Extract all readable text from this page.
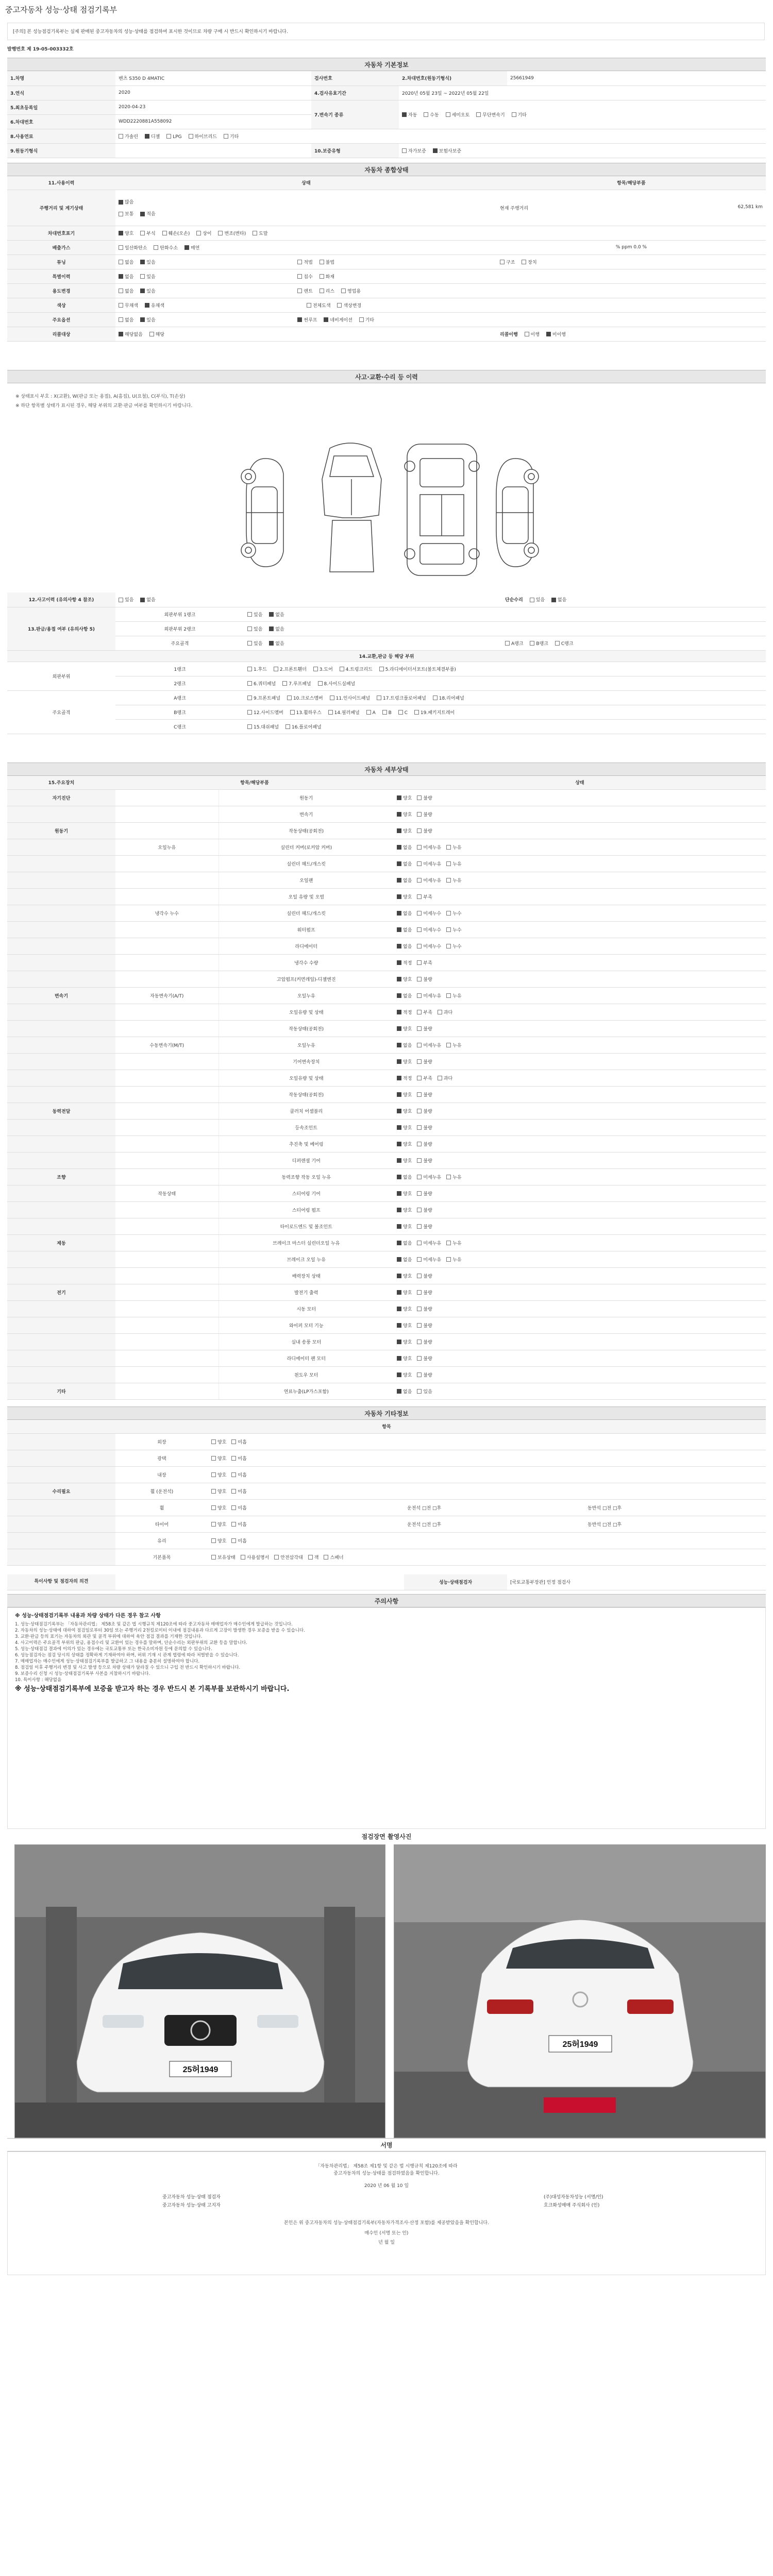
중고자동차 성능·상태 점검기록부
[주의] 본 성능점검기록부는 실제 판매된 중고자동차의 성능·상태를 점검하여 표시한 것이므로 차량 구매 시 반드시 확인하시기 바랍니다.
발행번호 제 19-05-003332호
자동차 기본정보
1.차명	벤츠 S350 D 4MATIC	검사번호	2.차대번호(원동기형식)	25661949
3.연식	2020	4.검사유효기간	2020년 05월 23일 ~ 2022년 05월 22일	
5.최초등록일	2020-04-23	7.변속기 종류	자동 수동 세미오토 무단변속기 기타	
6.차대번호	WDD2220881A558092			
8.사용연료	가솔린 디젤 LPG 하이브리드 기타			
9.원동기형식		10.보증유형	자가보증 보험사보증	
자동차 종합상태
11.사용이력	상태	항목/해당부품
주행거리 및 계기상태	많음

보통 적음	현재 주행거리 62,581 km

차대번호표기	양호 부식 훼손(오손) 상이 변조(변타) 도말	
배출가스	일산화탄소 탄화수소 매연	% ppm 0.0 %
튜닝	없음 있음 적법 불법	구조 장치
특별이력	없음 있음 침수 화재	
용도변경	없음 있음 렌트 리스 영업용	
색상	무채색 유채색 전체도색 색상변경	
주요옵션	없음 있음 썬루프 네비게이션 기타	
리콜대상	해당없음 해당	리콜이행 이행 미이행
사고·교환·수리 등 이력
※ 상태표시 부호 : X(교환), W(판금 또는 용접), A(흠집), U(요철), C(부식), T(손상)
※ 하단 항목별 상태가 표시된 경우, 해당 부위의 교환·판금 여부를 확인하시기 바랍니다.
12.사고이력 (유의사항 4 참조)	있음 없음		단순수리 있음 없음
13.판금/용접 여부 (유의사항 5)	외판부위 1랭크	있음 없음	
	외판부위 2랭크	있음 없음	
	주요골격	있음 없음	A랭크 B랭크 C랭크
14.교환,판금 등 해당 부위			
외판부위	1랭크	1.후드 2.프론트휀더 3.도어 4.트렁크리드 5.라디에이터서포트(볼트체결부품)	
	2랭크	6.쿼터패널 7.루프패널 8.사이드실패널	
주요골격	A랭크	9.프론트패널 10.크로스멤버 11.인사이드패널 17.트렁크플로어패널 18.리어패널	
	B랭크	12.사이드멤버 13.휠하우스 14.필러패널 A B C 19.패키지트레이	
	C랭크	15.대쉬패널 16.플로어패널	
자동차 세부상태
15.주요장치	항목/해당부품		상태
자기진단		원동기	양호 불량
		변속기	양호 불량
원동기		작동상태(공회전)	양호 불량
	오일누유	실린더 커버(로커암 커버)	없음 미세누유 누유
		실린더 헤드/개스킷	없음 미세누유 누유
		오일팬	없음 미세누유 누유
		오일 유량 및 오염	양호 부족
	냉각수 누수	실린더 헤드/개스킷	없음 미세누수 누수
		워터펌프	없음 미세누수 누수
		라디에이터	없음 미세누수 누수
		냉각수 수량	적정 부족
		고압펌프(커먼레일)-디젤엔진	양호 불량
변속기	자동변속기(A/T)	오일누유	없음 미세누유 누유
		오일유량 및 상태	적정 부족 과다
		작동상태(공회전)	양호 불량
	수동변속기(M/T)	오일누유	없음 미세누유 누유
		기어변속장치	양호 불량
		오일유량 및 상태	적정 부족 과다
		작동상태(공회전)	양호 불량
동력전달		클러치 어셈블리	양호 불량
		등속조인트	양호 불량
		추진축 및 베어링	양호 불량
		디퍼렌셜 기어	양호 불량
조향		동력조향 작동 오일 누유	없음 미세누유 누유
	작동상태	스티어링 기어	양호 불량
		스티어링 펌프	양호 불량
		타이로드엔드 및 볼조인트	양호 불량
제동		브레이크 마스터 실린더오일 누유	없음 미세누유 누유
		브레이크 오일 누유	없음 미세누유 누유
		배력장치 상태	양호 불량
전기		발전기 출력	양호 불량
		시동 모터	양호 불량
		와이퍼 모터 기능	양호 불량
		실내 송풍 모터	양호 불량
		라디에이터 팬 모터	양호 불량
		윈도우 모터	양호 불량
기타		연료누출(LP가스포함)	없음 있음
자동차 기타정보
항목				
	외장	양호 미흡		
	광택	양호 미흡		
	내장	양호 미흡		
수리필요	휠 (운전석)	양호 미흡		
	휠	양호 미흡	운전석 □전 □후	동반석 □전 □후
	타이어	양호 미흡	운전석 □전 □후	동반석 □전 □후
	유리	양호 미흡		
	기본품목	보유상태 사용설명서 안전삼각대 잭 스패너		
특이사항 및 점검자의 의견		성능·상태점검자	[국토교통부장관] 인정 점검사
주의사항

※ 성능·상태점검기록부 내용과 차량 상태가 다른 경우 참고 사항

1. 성능·상태점검기록부는 「자동차관리법」 제58조 및 같은 법 시행규칙 제120조에 따라 중고자동차 매매업자가 매수인에게 발급하는 것입니다.

2. 자동차의 성능·상태에 대하여 점검일로부터 30일 또는 주행거리 2천킬로미터 이내에 점검내용과 다르게 고장이 발생한 경우 보증을 받을 수 있습니다.

3. 교환·판금 등의 표기는 자동차의 외관 및 골격 부위에 대하여 육안 점검 결과를 기재한 것입니다.

4. 사고이력은 주요골격 부위의 판금, 용접수리 및 교환이 있는 경우를 말하며, 단순수리는 외판부위의 교환 등을 말합니다.

5. 성능·상태점검 결과에 이의가 있는 경우에는 국토교통부 또는 한국소비자원 등에 문의할 수 있습니다.

6. 성능점검자는 점검 당시의 상태를 정확하게 기재하여야 하며, 허위 기재 시 관계 법령에 따라 처벌받을 수 있습니다.

7. 매매업자는 매수인에게 성능·상태점검기록부를 발급하고 그 내용을 충분히 설명하여야 합니다.

8. 점검일 이후 주행거리 변경 및 사고 발생 등으로 차량 상태가 달라질 수 있으니 구입 전 반드시 확인하시기 바랍니다.

9. 보증수리 신청 시 성능·상태점검기록부 사본을 지참하시기 바랍니다.

10. 특이사항 : 해당없음

※ 성능·상태점검기록부에 보증을 받고자 하는 경우 반드시 본 기록부를 보관하시기 바랍니다.

점검장면 촬영사진
25허1949
25허1949
서명
「자동차관리법」 제58조 제1항 및 같은 법 시행규칙 제120조에 따라
중고자동차의 성능·상태를 점검하였음을 확인합니다.
2020 년 06 월 10 일
중고자동차 성능·상태 점검자	(주)대성자동차성능 (서명/인)
중고자동차 성능·상태 고지자	호크화성매매 주식회사 (인)
본인은 위 중고자동차의 성능·상태점검기록부(자동차가격조사·산정 포함)를 제공받았음을 확인합니다.
매수인 (서명 또는 인)
년 월 일
